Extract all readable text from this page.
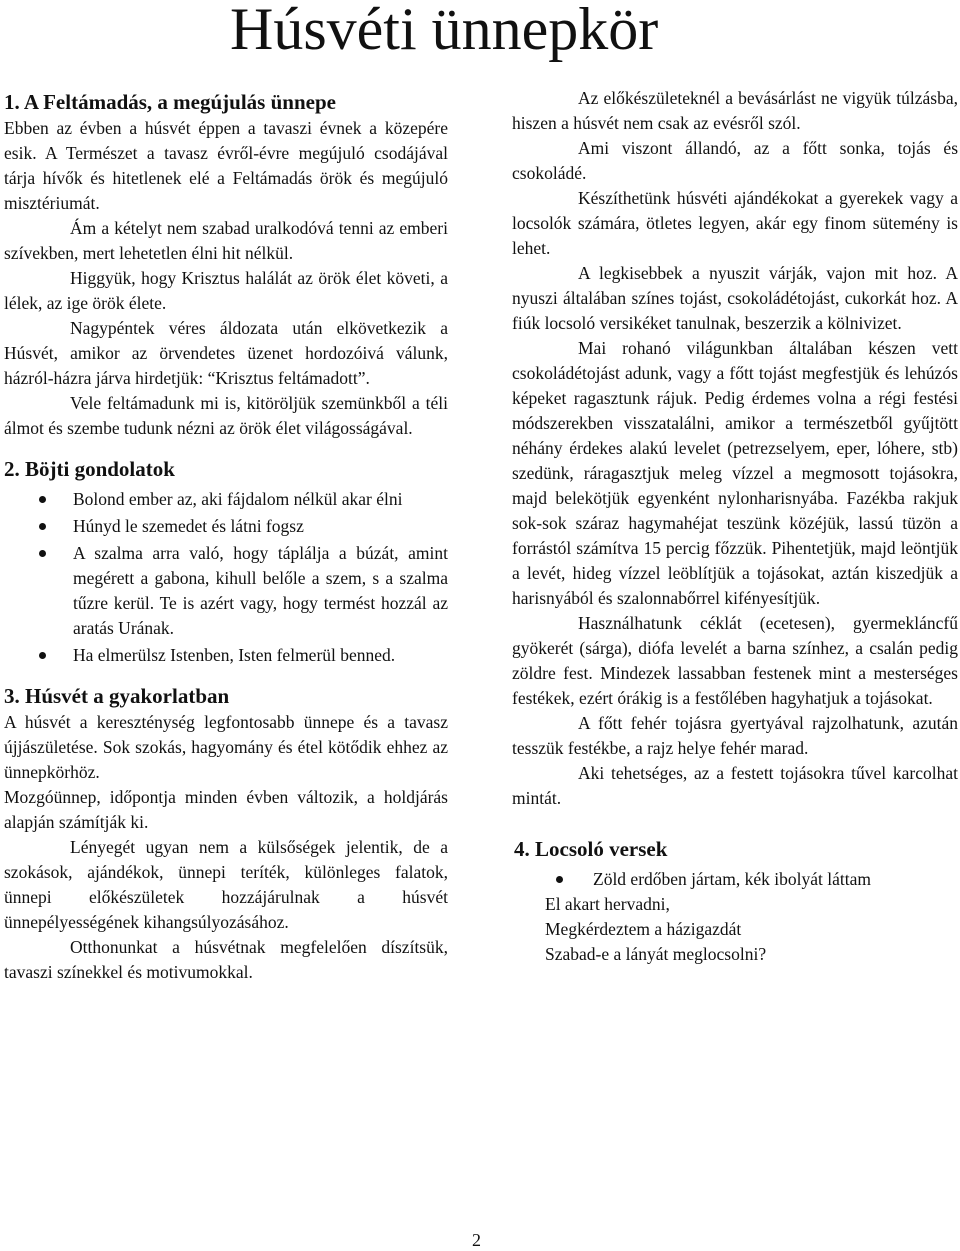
Húsvéti ünnepkör
1. A Feltámadás, a megújulás ünnepe

Ebben az évben a húsvét éppen a tavaszi évnek a közepére esik. A Természet a tavasz évről-évre megújuló csodájával tárja hívők és hitetlenek elé a Feltámadás örök és megújuló misztériumát.

Ám a kételyt nem szabad uralkodóvá tenni az emberi szívekben, mert lehetetlen élni hit nélkül.

Higgyük, hogy Krisztus halálát az örök élet követi, a lélek, az ige örök élete.

Nagypéntek véres áldozata után elkövetkezik a Húsvét, amikor az örvendetes üzenet hordozóivá válunk, házról-házra járva hirdetjük: “Krisztus feltámadott”.

Vele feltámadunk mi is, kitöröljük szemünkből a téli álmot és szembe tudunk nézni az örök élet világosságával.

2. Böjti gondolatok
Bolond ember az, aki fájdalom nélkül akar élni
Húnyd le szemedet és látni fogsz
A szalma arra való, hogy táplálja a búzát, amint megérett a gabona, kihull belőle a szem, s a szalma tűzre kerül. Te is azért vagy, hogy termést hozzál az aratás Urának.
Ha elmerülsz Istenben, Isten felmerül benned.
3. Húsvét a gyakorlatban

A húsvét a kereszténység legfontosabb ünnepe és a tavasz újjászületése. Sok szokás, hagyomány és étel kötődik ehhez az ünnepkörhöz.

Mozgóünnep, időpontja minden évben változik, a holdjárás alapján számítják ki.

Lényegét ugyan nem a külsőségek jelentik, de a szokások, ajándékok, ünnepi teríték, különleges falatok, ünnepi előkészületek hozzájárulnak a húsvét ünnepélyességének kihangsúlyozásához.

Otthonunkat a húsvétnak megfelelően díszítsük, tavaszi színekkel és motivumokkal.

Az előkészületeknél a bevásárlást ne vigyük túlzásba, hiszen a húsvét nem csak az evésről szól.

Ami viszont állandó, az a főtt sonka, tojás és csokoládé.

Készíthetünk húsvéti ajándékokat a gyerekek vagy a locsolók számára, ötletes legyen, akár egy finom sütemény is lehet.

A legkisebbek a nyuszit várják, vajon mit hoz. A nyuszi általában színes tojást, csokoládétojást, cukorkát hoz. A fiúk locsoló versikéket tanulnak, beszerzik a kölnivizet.

Mai rohanó világunkban általában készen vett csokoládétojást adunk, vagy a főtt tojást megfestjük és lehúzós képeket ragasztunk rájuk. Pedig érdemes volna a régi festési módszerekben visszatalálni, amikor a természetből gyűjtött néhány érdekes alakú levelet (petrezselyem, eper, lóhere, stb) szedünk, ráragasztjuk meleg vízzel a megmosott tojásokra, majd belekötjük egyenként nylonharisnyába. Fazékba rakjuk sok-sok száraz hagymahéjat teszünk közéjük, lassú tüzön a forrástól számítva 15 percig főzzük. Pihentetjük, majd leöntjük a levét, hideg vízzel leöblítjük a tojásokat, aztán kiszedjük a harisnyából és szalonnabőrrel kifényesítjük.

Használhatunk céklát (ecetesen), gyermekláncfű gyökerét (sárga), diófa levelét a barna színhez, a csalán pedig zöldre fest. Mindezek lassabban festenek mint a mesterséges festékek, ezért órákig is a festőlében hagyhatjuk a tojásokat.

A főtt fehér tojásra gyertyával rajzolhatunk, azután tesszük festékbe, a rajz helye fehér marad.

Aki tehetséges, az a festett tojásokra tűvel karcolhat mintát.

4. Locsoló versek
Zöld erdőben jártam, kék ibolyát láttam
El akart hervadni,
Megkérdeztem a házigazdát
Szabad-e a lányát meglocsolni?
2
